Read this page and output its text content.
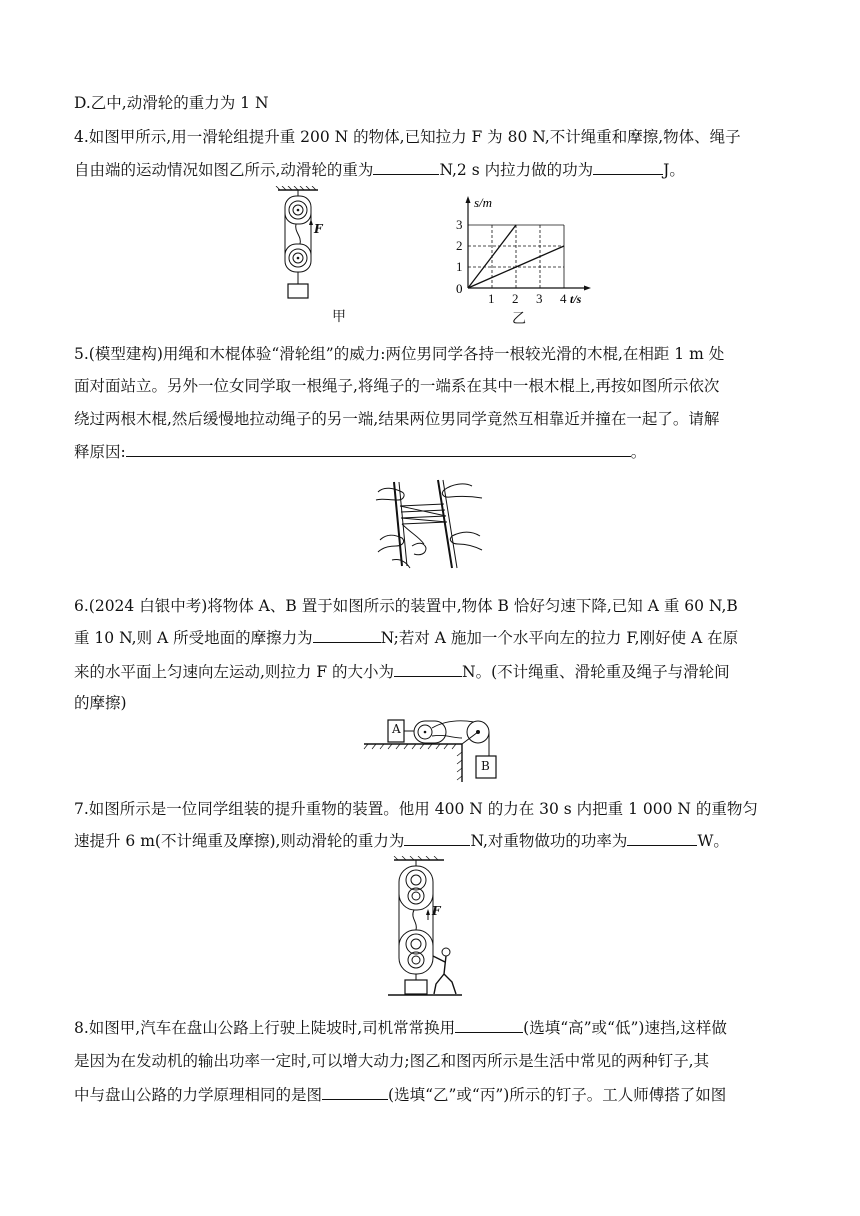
D.乙中,动滑轮的重力为 1 N
4.如图甲所示,用一滑轮组提升重 200 N 的物体,已知拉力 F 为 80 N,不计绳重和摩擦,物体、绳子
自由端的运动情况如图乙所示,动滑轮的重为	N,2 s 内拉力做的功为	J。
F
甲
1 2 3 4
1
2
3
s/m
t/s
0
乙
5.(模型建构)用绳和木棍体验“滑轮组”的威力:两位男同学各持一根较光滑的木棍,在相距 1 m 处
面对面站立。另外一位女同学取一根绳子,将绳子的一端系在其中一根木棍上,再按如图所示依次
绕过两根木棍,然后缓慢地拉动绳子的另一端,结果两位男同学竟然互相靠近并撞在一起了。请解
释原因:	。
6.(2024 白银中考)将物体 A、B 置于如图所示的装置中,物体 B 恰好匀速下降,已知 A 重 60 N,B
重 10 N,则 A 所受地面的摩擦力为	N;若对 A 施加一个水平向左的拉力 F,刚好使 A 在原
来的水平面上匀速向左运动,则拉力 F 的大小为	N。(不计绳重、滑轮重及绳子与滑轮间
的摩擦)
A
B
7.如图所示是一位同学组装的提升重物的装置。他用 400 N 的力在 30 s 内把重 1 000 N 的重物匀
速提升 6 m(不计绳重及摩擦),则动滑轮的重力为	N,对重物做功的功率为	W。
F
8.如图甲,汽车在盘山公路上行驶上陡坡时,司机常常换用	(选填“高”或“低”)速挡,这样做
是因为在发动机的输出功率一定时,可以增大动力;图乙和图丙所示是生活中常见的两种钉子,其
中与盘山公路的力学原理相同的是图	(选填“乙”或“丙”)所示的钉子。工人师傅搭了如图
